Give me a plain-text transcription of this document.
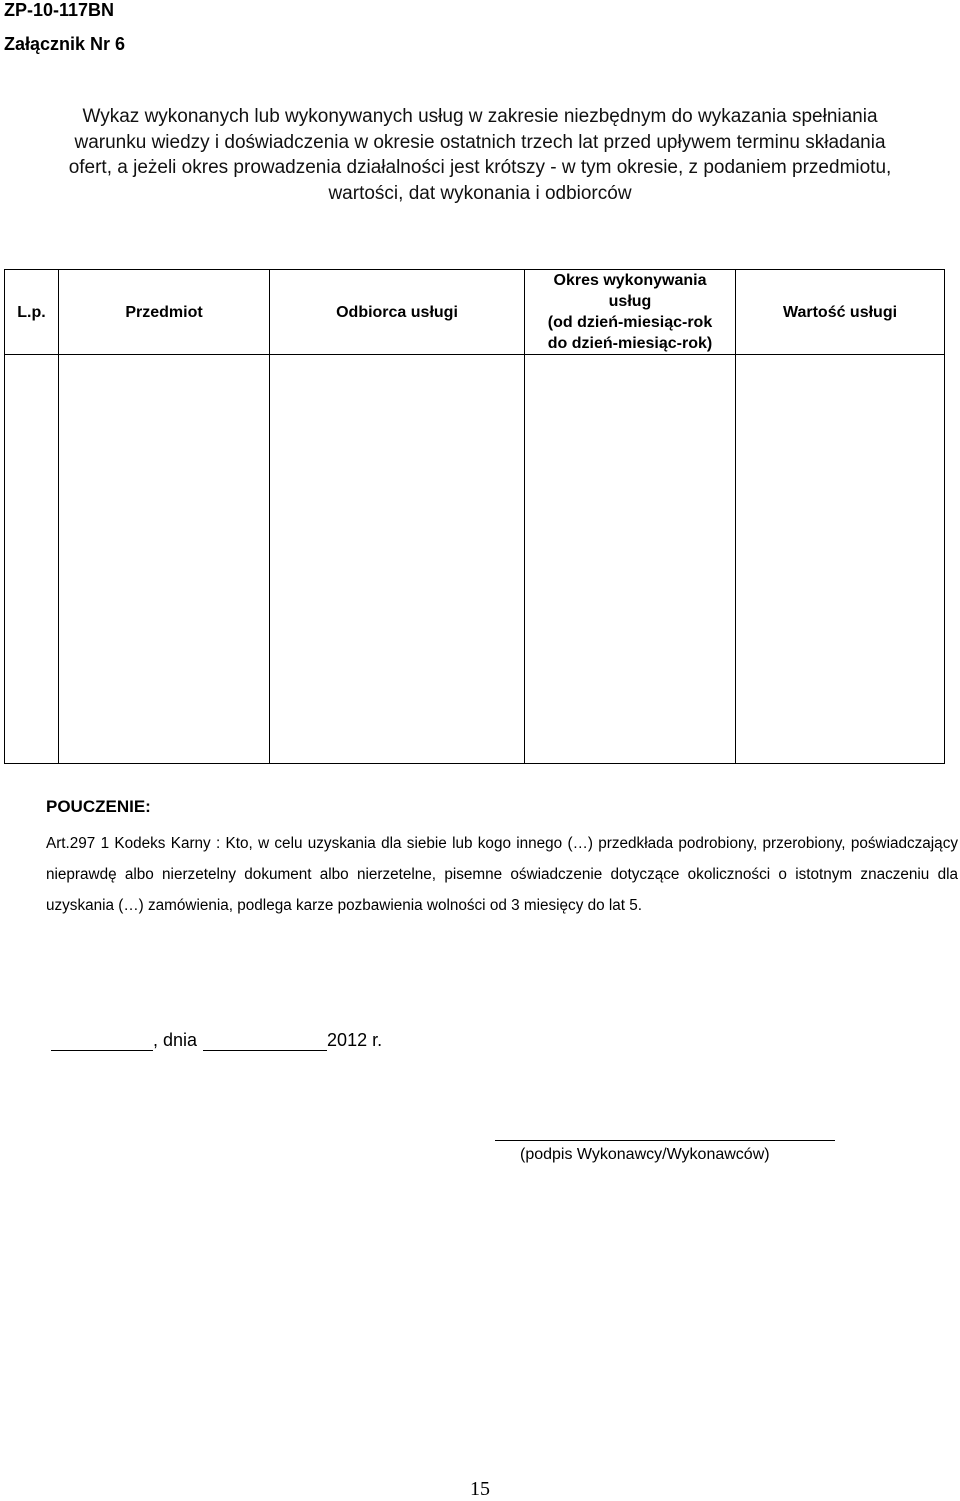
ZP-10-117BN
Załącznik Nr 6
Wykaz wykonanych lub wykonywanych usług w zakresie niezbędnym do wykazania spełniania
warunku wiedzy i doświadczenia w okresie ostatnich trzech lat przed upływem terminu składania
ofert, a jeżeli okres prowadzenia działalności jest krótszy - w tym okresie, z podaniem przedmiotu,
wartości, dat wykonania i odbiorców
L.p.	Przedmiot	Odbiorca usługi	Okres wykonywania
usług
(od dzień-miesiąc-rok
do dzień-miesiąc-rok)	Wartość usługi

POUCZENIE:
Art.297 1 Kodeks Karny : Kto, w celu uzyskania dla siebie lub kogo innego (…) przedkłada podrobiony, przerobiony, poświadczający nieprawdę albo nierzetelny dokument albo nierzetelne, pisemne oświadczenie dotyczące okoliczności o istotnym znaczeniu dla uzyskania (…) zamówienia, podlega karze pozbawienia wolności od 3 miesięcy do lat 5.
, dnia	2012 r.
(podpis Wykonawcy/Wykonawców)
15
